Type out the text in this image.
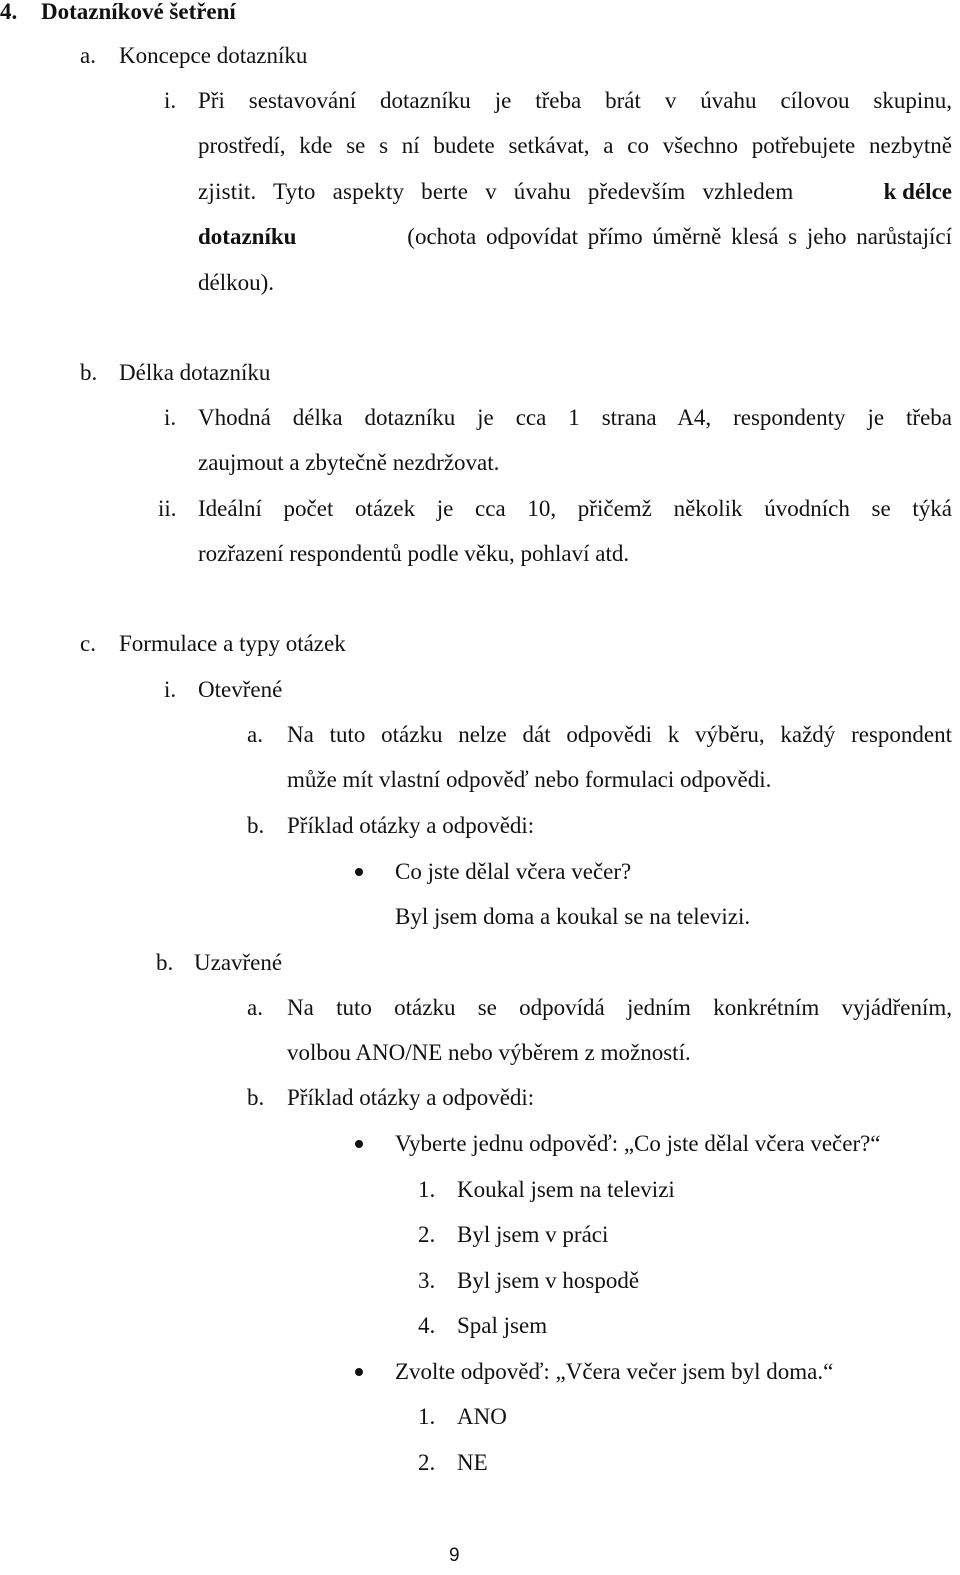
4. Dotazníkové šetření
a. Koncepce dotazníku
i. Při sestavování dotazníku je třeba brát v úvahu cílovou skupinu,
prostředí, kde se s ní budete setkávat, a co všechno potřebujete nezbytně
zjistit. Tyto aspekty berte v úvahu především vzhledem	k délce
dotazníku	(ochota odpovídat přímo úměrně klesá s jeho narůstající
délkou).
b. Délka dotazníku
i. Vhodná délka dotazníku je cca 1 strana A4, respondenty je třeba
zaujmout a zbytečně nezdržovat.
ii. Ideální počet otázek je cca 10, přičemž několik úvodních se týká
rozřazení respondentů podle věku, pohlaví atd.
c. Formulace a typy otázek
i. Otevřené
a. Na tuto otázku nelze dát odpovědi k výběru, každý respondent
může mít vlastní odpověď nebo formulaci odpovědi.
b. Příklad otázky a odpovědi:
Co jste dělal včera večer?
Byl jsem doma a koukal se na televizi.
b. Uzavřené
a. Na tuto otázku se odpovídá jedním konkrétním vyjádřením,
volbou ANO/NE nebo výběrem z možností.
b. Příklad otázky a odpovědi:
Vyberte jednu odpověď: „Co jste dělal včera večer?“
1. Koukal jsem na televizi
2. Byl jsem v práci
3. Byl jsem v hospodě
4. Spal jsem
Zvolte odpověď: „Včera večer jsem byl doma.“
1. ANO
2. NE
9
